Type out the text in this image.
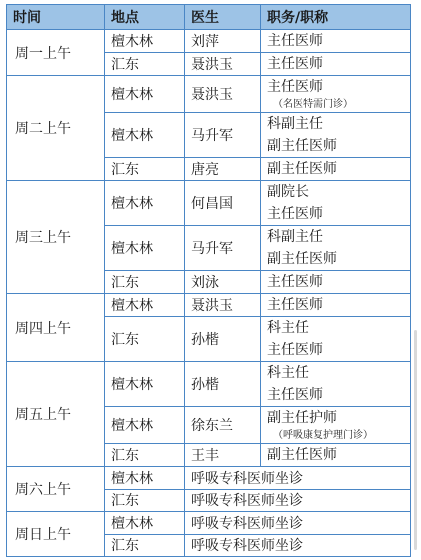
时间	地点	医生	职务/职称
周一上午	檀木林	刘萍	主任医师

	汇东	聂洪玉	主任医师

周二上午	檀木林	聂洪玉	主任医师
（名医特需门诊）

	檀木林	马升军	科副主任
副主任医师

	汇东	唐亮	副主任医师

周三上午	檀木林	何昌国	副院长
主任医师

	檀木林	马升军	科副主任
副主任医师

	汇东	刘泳	主任医师

周四上午	檀木林	聂洪玉	主任医师

	汇东	孙楷	科主任
主任医师

周五上午	檀木林	孙楷	科主任
主任医师

	檀木林	徐东兰	副主任护师
（呼吸康复护理门诊）

	汇东	王丰	副主任医师

周六上午	檀木林	呼吸专科医师坐诊	
	汇东	呼吸专科医师坐诊	
周日上午	檀木林	呼吸专科医师坐诊	
	汇东	呼吸专科医师坐诊	
